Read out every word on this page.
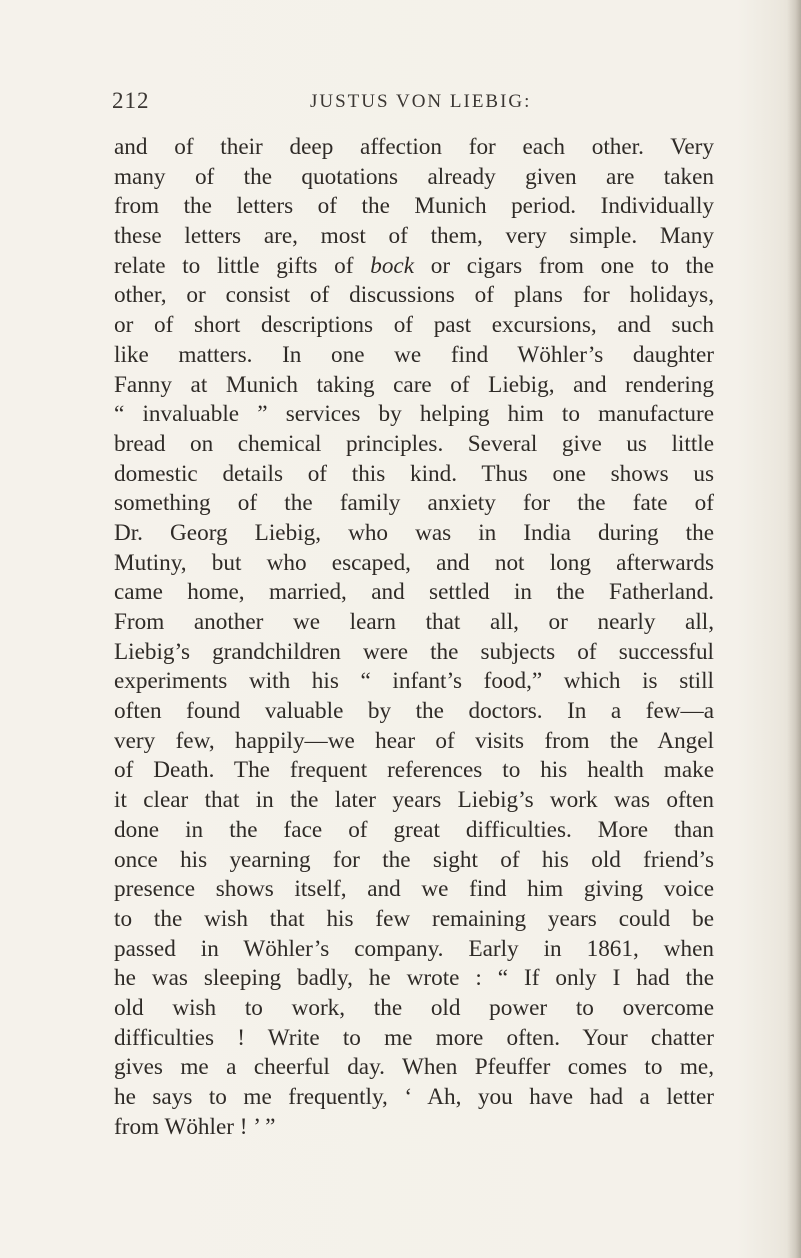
212	JUSTUS VON LIEBIG:
and of their deep affection for each other. Very
many of the quotations already given are taken
from the letters of the Munich period. Individually
these letters are, most of them, very simple. Many
relate to little gifts of bock or cigars from one to the
other, or consist of discussions of plans for holidays,
or of short descriptions of past excursions, and such
like matters. In one we find Wöhler’s daughter
Fanny at Munich taking care of Liebig, and rendering
“ invaluable ” services by helping him to manufacture
bread on chemical principles. Several give us little
domestic details of this kind. Thus one shows us
something of the family anxiety for the fate of
Dr. Georg Liebig, who was in India during the
Mutiny, but who escaped, and not long afterwards
came home, married, and settled in the Fatherland.
From another we learn that all, or nearly all,
Liebig’s grandchildren were the subjects of successful
experiments with his “ infant’s food,” which is still
often found valuable by the doctors. In a few—a
very few, happily—we hear of visits from the Angel
of Death. The frequent references to his health make
it clear that in the later years Liebig’s work was often
done in the face of great difficulties. More than
once his yearning for the sight of his old friend’s
presence shows itself, and we find him giving voice
to the wish that his few remaining years could be
passed in Wöhler’s company. Early in 1861, when
he was sleeping badly, he wrote : “ If only I had the
old wish to work, the old power to overcome
difficulties ! Write to me more often. Your chatter
gives me a cheerful day. When Pfeuffer comes to me,
he says to me frequently, ‘ Ah, you have had a letter
from Wöhler ! ’ ”
